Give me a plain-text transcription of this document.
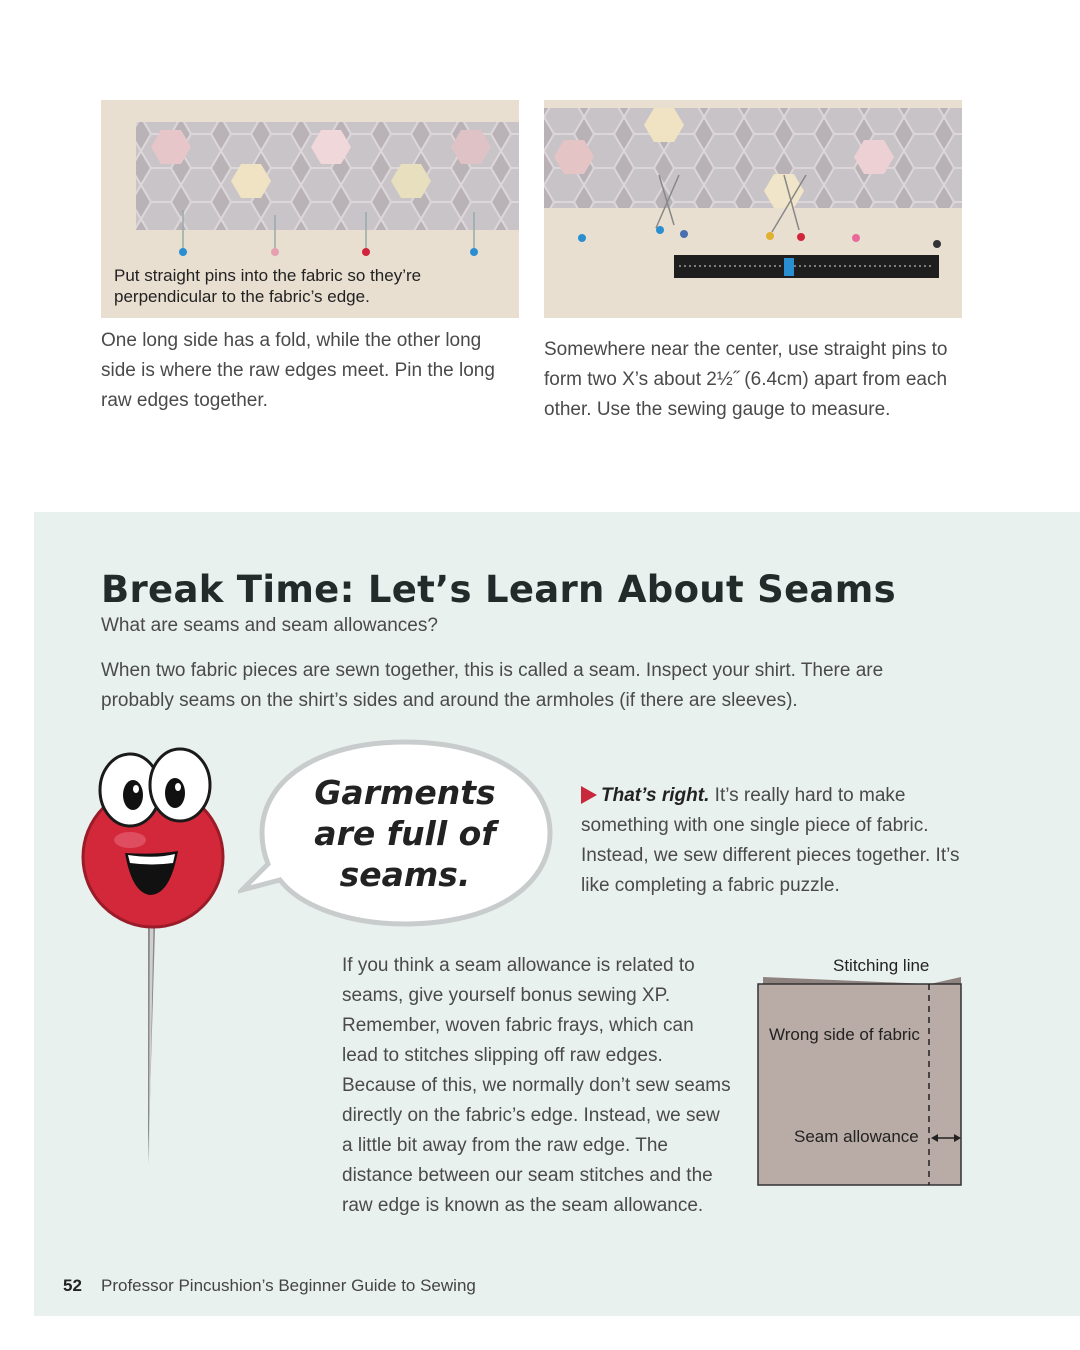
Put straight pins into the fabric so they’re perpendicular to the fabric’s edge.
One long side has a fold, while the other long side is where the raw edges meet. Pin the long raw edges together.
Somewhere near the center, use straight pins to form two X’s about 2½˝ (6.4cm) apart from each other. Use the sewing gauge to measure.
Break Time: Let’s Learn About Seams
What are seams and seam allowances?
When two fabric pieces are sewn together, this is called a seam. Inspect your shirt. There are probably seams on the shirt’s sides and around the armholes (if there are sleeves).
Garments
are full of
seams.
That’s right. It’s really hard to make something with one single piece of fabric. Instead, we sew different pieces together. It’s like completing a fabric puzzle.
If you think a seam allowance is related to seams, give yourself bonus sewing XP. Remember, woven fabric frays, which can lead to stitches slipping off raw edges. Because of this, we normally don’t sew seams directly on the fabric’s edge. Instead, we sew a little bit away from the raw edge. The distance between our seam stitches and the raw edge is known as the seam allowance.
Stitching line
Wrong side of fabric
Seam allowance
52 Professor Pincushion’s Beginner Guide to Sewing
